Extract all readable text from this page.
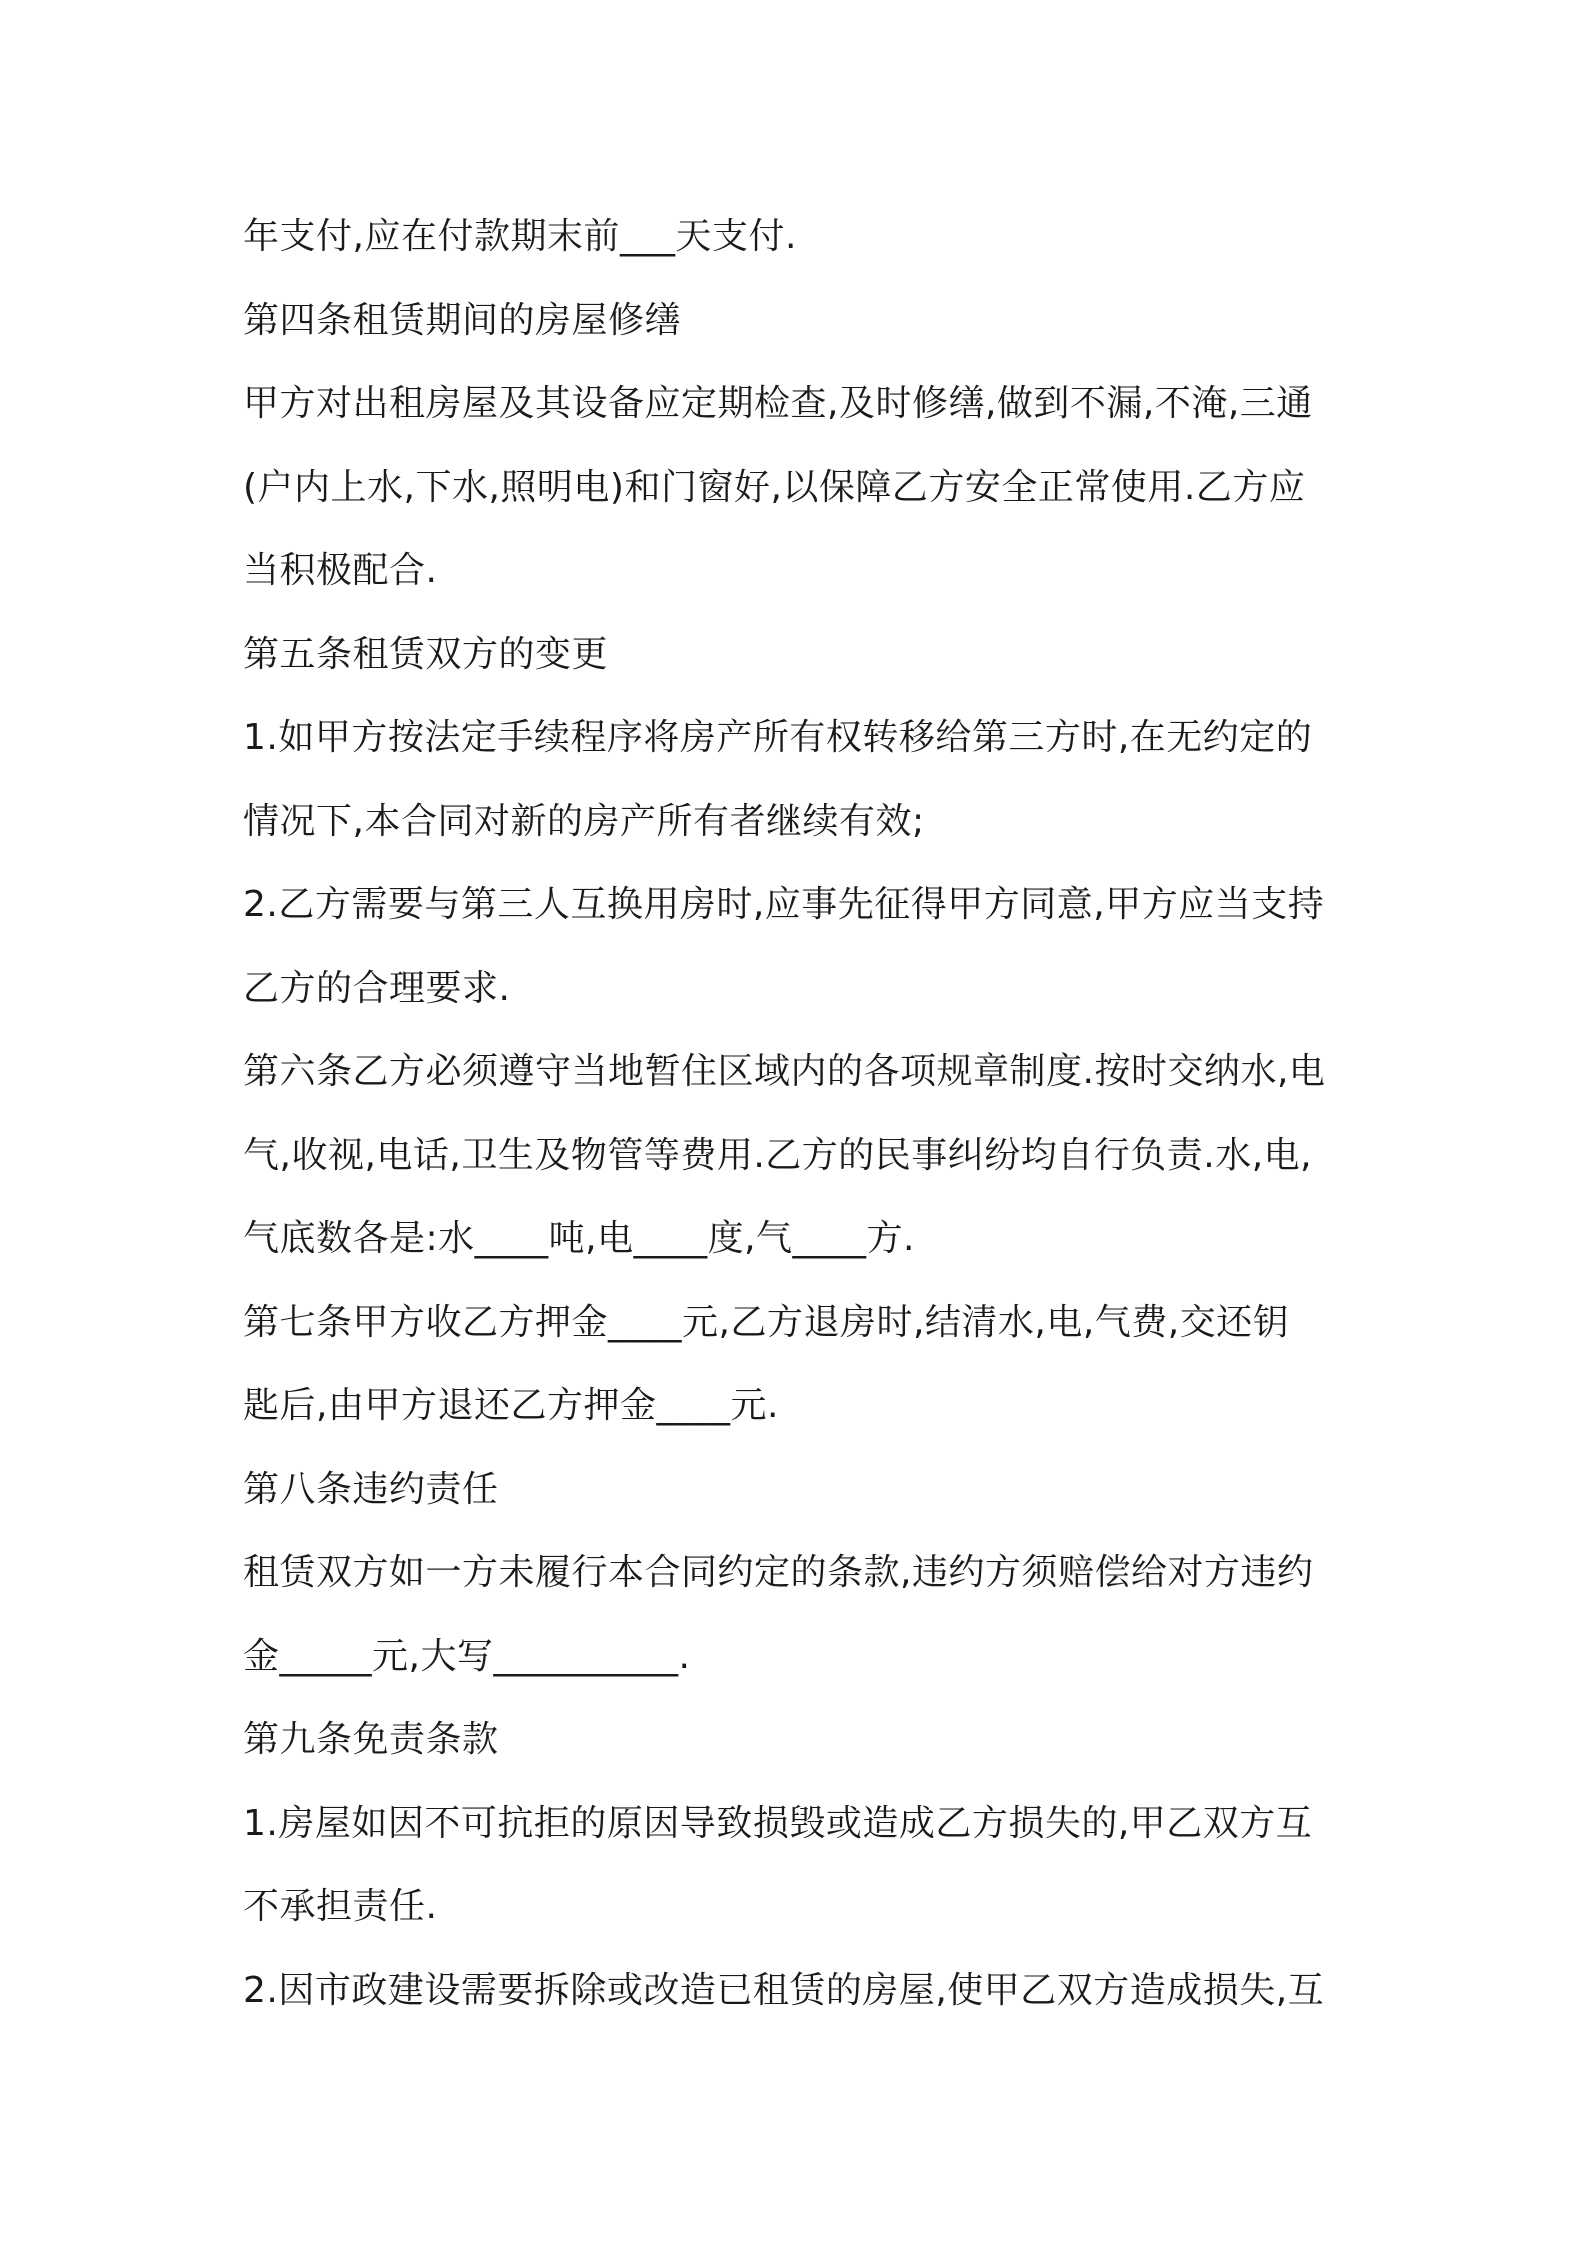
年支付,应在付款期末前___天支付.
第四条租赁期间的房屋修缮
甲方对出租房屋及其设备应定期检查,及时修缮,做到不漏,不淹,三通
(户内上水,下水,照明电)和门窗好,以保障乙方安全正常使用.乙方应
当积极配合.
第五条租赁双方的变更
1.如甲方按法定手续程序将房产所有权转移给第三方时,在无约定的
情况下,本合同对新的房产所有者继续有效;
2.乙方需要与第三人互换用房时,应事先征得甲方同意,甲方应当支持
乙方的合理要求.
第六条乙方必须遵守当地暂住区域内的各项规章制度.按时交纳水,电
气,收视,电话,卫生及物管等费用.乙方的民事纠纷均自行负责.水,电,
气底数各是:水____吨,电____度,气____方.
第七条甲方收乙方押金____元,乙方退房时,结清水,电,气费,交还钥
匙后,由甲方退还乙方押金____元.
第八条违约责任
租赁双方如一方未履行本合同约定的条款,违约方须赔偿给对方违约
金_____元,大写__________.
第九条免责条款
1.房屋如因不可抗拒的原因导致损毁或造成乙方损失的,甲乙双方互
不承担责任.
2.因市政建设需要拆除或改造已租赁的房屋,使甲乙双方造成损失,互
